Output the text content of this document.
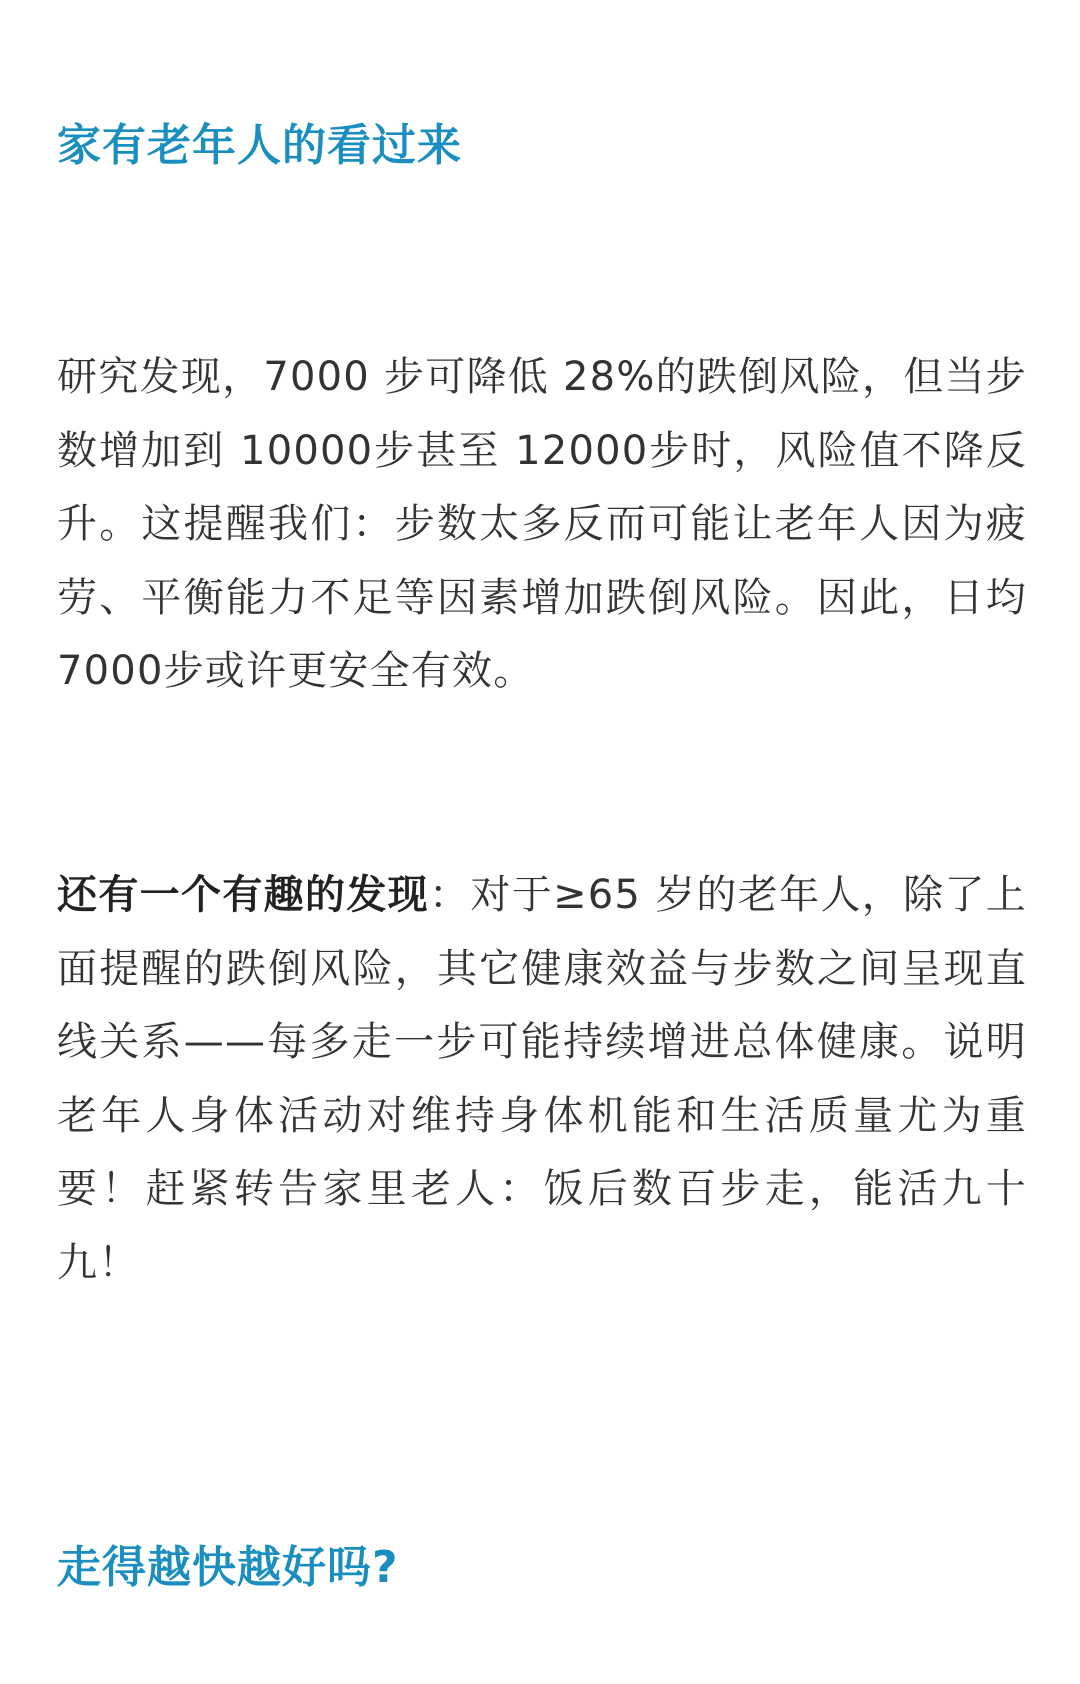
家有老年人的看过来

研究发现，7000 步可降低 28%的跌倒风险，但当步数增加到 10000步甚至 12000步时，风险值不降反升。这提醒我们：步数太多反而可能让老年人因为疲劳、平衡能力不足等因素增加跌倒风险。因此，日均 7000步或许更安全有效。

还有一个有趣的发现：对于≥65 岁的老年人，除了上面提醒的跌倒风险，其它健康效益与步数之间呈现直线关系——每多走一步可能持续增进总体健康。说明老年人身体活动对维持身体机能和生活质量尤为重要！赶紧转告家里老人：饭后数百步走，能活九十九！

走得越快越好吗?
